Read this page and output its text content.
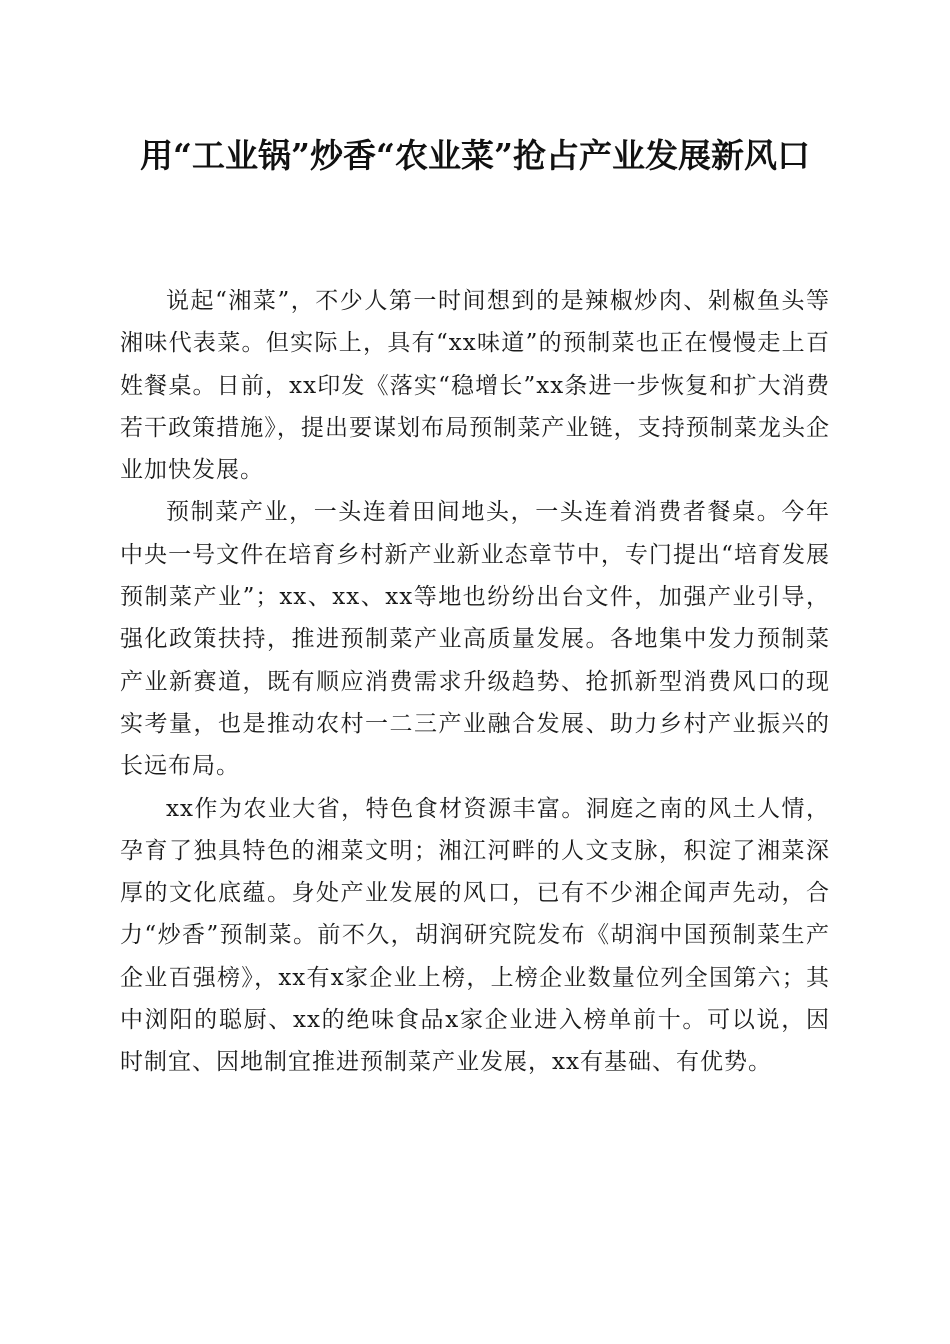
用“工业锅”炒香“农业菜”抢占产业发展新风口

说起“湘菜”，不少人第一时间想到的是辣椒炒肉、剁椒鱼头等湘味代表菜。但实际上，具有“xx味道”的预制菜也正在慢慢走上百姓餐桌。日前，xx印发《落实“稳增长”xx条进一步恢复和扩大消费若干政策措施》，提出要谋划布局预制菜产业链，支持预制菜龙头企业加快发展。

预制菜产业，一头连着田间地头，一头连着消费者餐桌。今年中央一号文件在培育乡村新产业新业态章节中，专门提出“培育发展预制菜产业”；xx、xx、xx等地也纷纷出台文件，加强产业引导，强化政策扶持，推进预制菜产业高质量发展。各地集中发力预制菜产业新赛道，既有顺应消费需求升级趋势、抢抓新型消费风口的现实考量，也是推动农村一二三产业融合发展、助力乡村产业振兴的长远布局。

xx作为农业大省，特色食材资源丰富。洞庭之南的风土人情，孕育了独具特色的湘菜文明；湘江河畔的人文支脉，积淀了湘菜深厚的文化底蕴。身处产业发展的风口，已有不少湘企闻声先动，合力“炒香”预制菜。前不久，胡润研究院发布《胡润中国预制菜生产企业百强榜》，xx有x家企业上榜，上榜企业数量位列全国第六；其中浏阳的聪厨、xx的绝味食品x家企业进入榜单前十。可以说，因时制宜、因地制宜推进预制菜产业发展，xx有基础、有优势。
